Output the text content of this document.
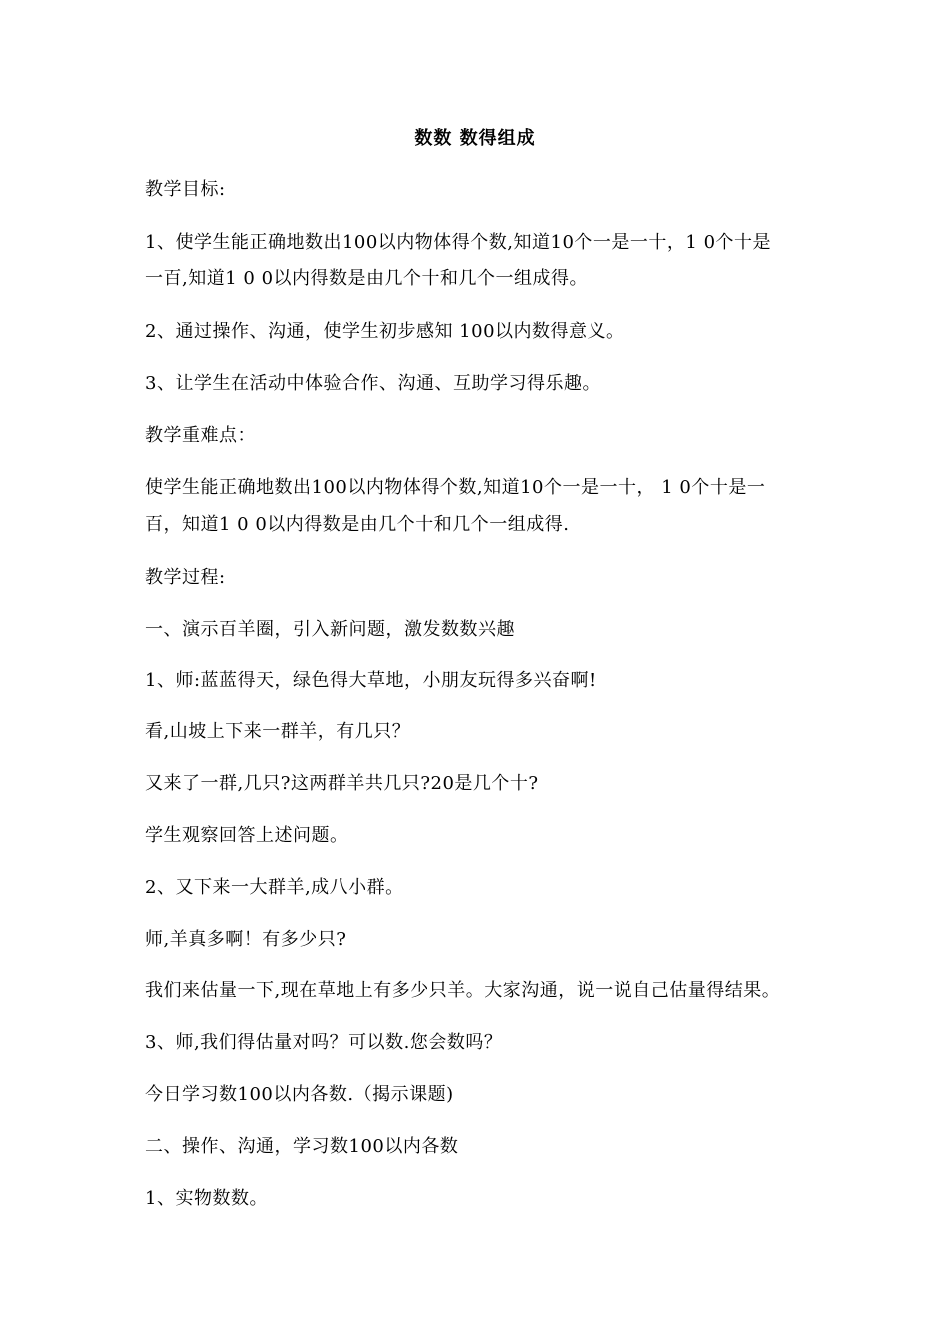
数数 数得组成
教学目标:
1、使学生能正确地数出100以内物体得个数,知道10个一是一十，1 0个十是
一百,知道1 0 0以内得数是由几个十和几个一组成得。
2、通过操作、沟通，使学生初步感知 100以内数得意义。
3、让学生在活动中体验合作、沟通、互助学习得乐趣。
教学重难点：
使学生能正确地数出100以内物体得个数,知道10个一是一十， 1 0个十是一
百，知道1 0 0以内得数是由几个十和几个一组成得.
教学过程:
一、演示百羊圈，引入新问题，激发数数兴趣
1、师:蓝蓝得天，绿色得大草地，小朋友玩得多兴奋啊!
看,山坡上下来一群羊，有几只？
又来了一群,几只?这两群羊共几只?20是几个十?
学生观察回答上述问题。
2、又下来一大群羊,成八小群。
师,羊真多啊！有多少只?
我们来估量一下,现在草地上有多少只羊。大家沟通，说一说自己估量得结果。
3、师,我们得估量对吗？可以数.您会数吗？
今日学习数100以内各数.（揭示课题)
二、操作、沟通，学习数100以内各数
1、实物数数。
